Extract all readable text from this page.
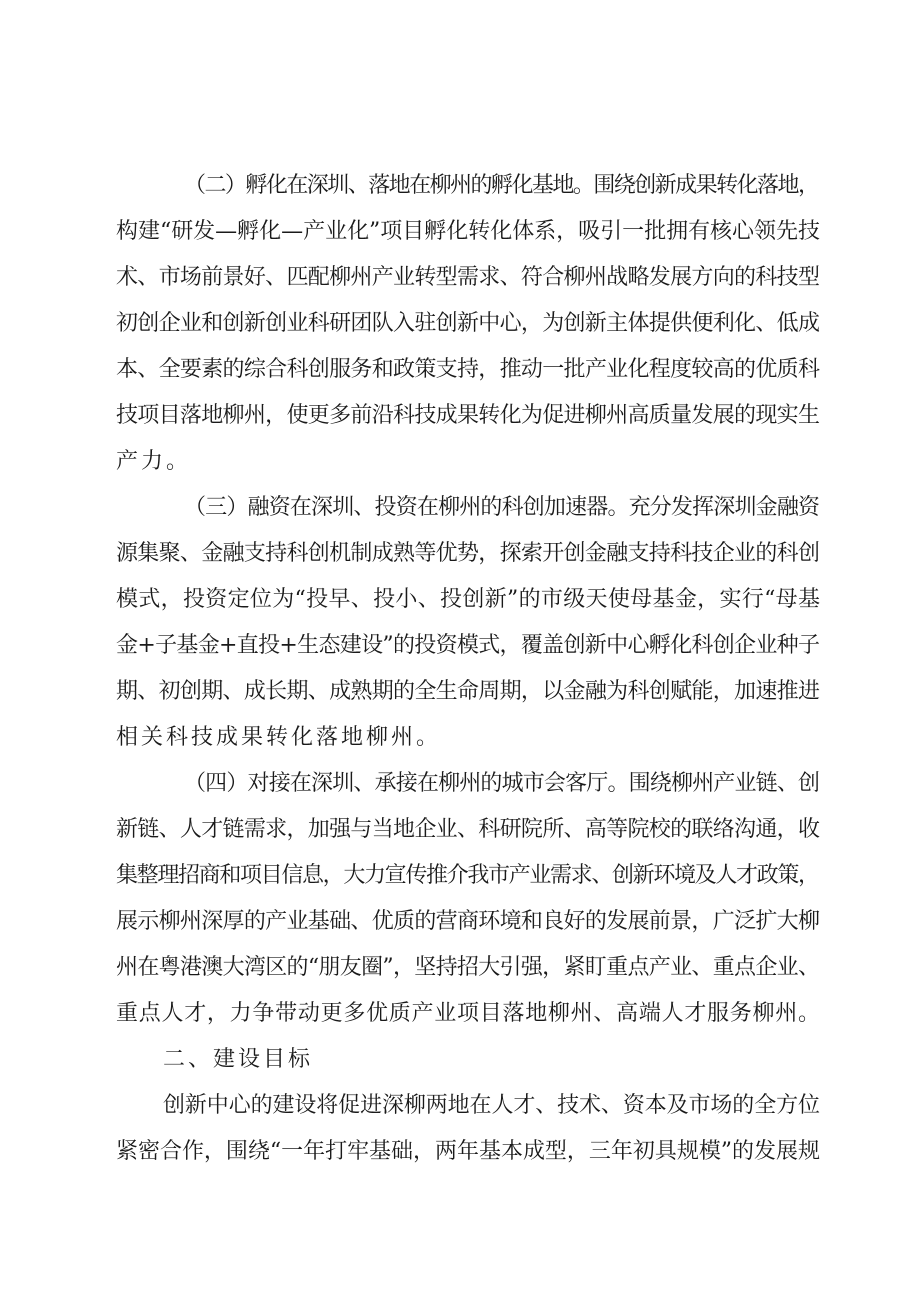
（二）孵化在深圳、落地在柳州的孵化基地。围绕创新成果转化落地，
构建“研发—孵化—产业化”项目孵化转化体系，吸引一批拥有核心领先技
术、市场前景好、匹配柳州产业转型需求、符合柳州战略发展方向的科技型
初创企业和创新创业科研团队入驻创新中心，为创新主体提供便利化、低成
本、全要素的综合科创服务和政策支持，推动一批产业化程度较高的优质科
技项目落地柳州，使更多前沿科技成果转化为促进柳州高质量发展的现实生
产力。
（三）融资在深圳、投资在柳州的科创加速器。充分发挥深圳金融资
源集聚、金融支持科创机制成熟等优势，探索开创金融支持科技企业的科创
模式，投资定位为“投早、投小、投创新”的市级天使母基金，实行“母基
金+子基金+直投+生态建设”的投资模式，覆盖创新中心孵化科创企业种子
期、初创期、成长期、成熟期的全生命周期，以金融为科创赋能，加速推进
相关科技成果转化落地柳州。
（四）对接在深圳、承接在柳州的城市会客厅。围绕柳州产业链、创
新链、人才链需求，加强与当地企业、科研院所、高等院校的联络沟通，收
集整理招商和项目信息，大力宣传推介我市产业需求、创新环境及人才政策，
展示柳州深厚的产业基础、优质的营商环境和良好的发展前景，广泛扩大柳
州在粤港澳大湾区的“朋友圈”，坚持招大引强，紧盯重点产业、重点企业、
重点人才，力争带动更多优质产业项目落地柳州、高端人才服务柳州。
二、建设目标
创新中心的建设将促进深柳两地在人才、技术、资本及市场的全方位
紧密合作，围绕“一年打牢基础，两年基本成型，三年初具规模”的发展规
